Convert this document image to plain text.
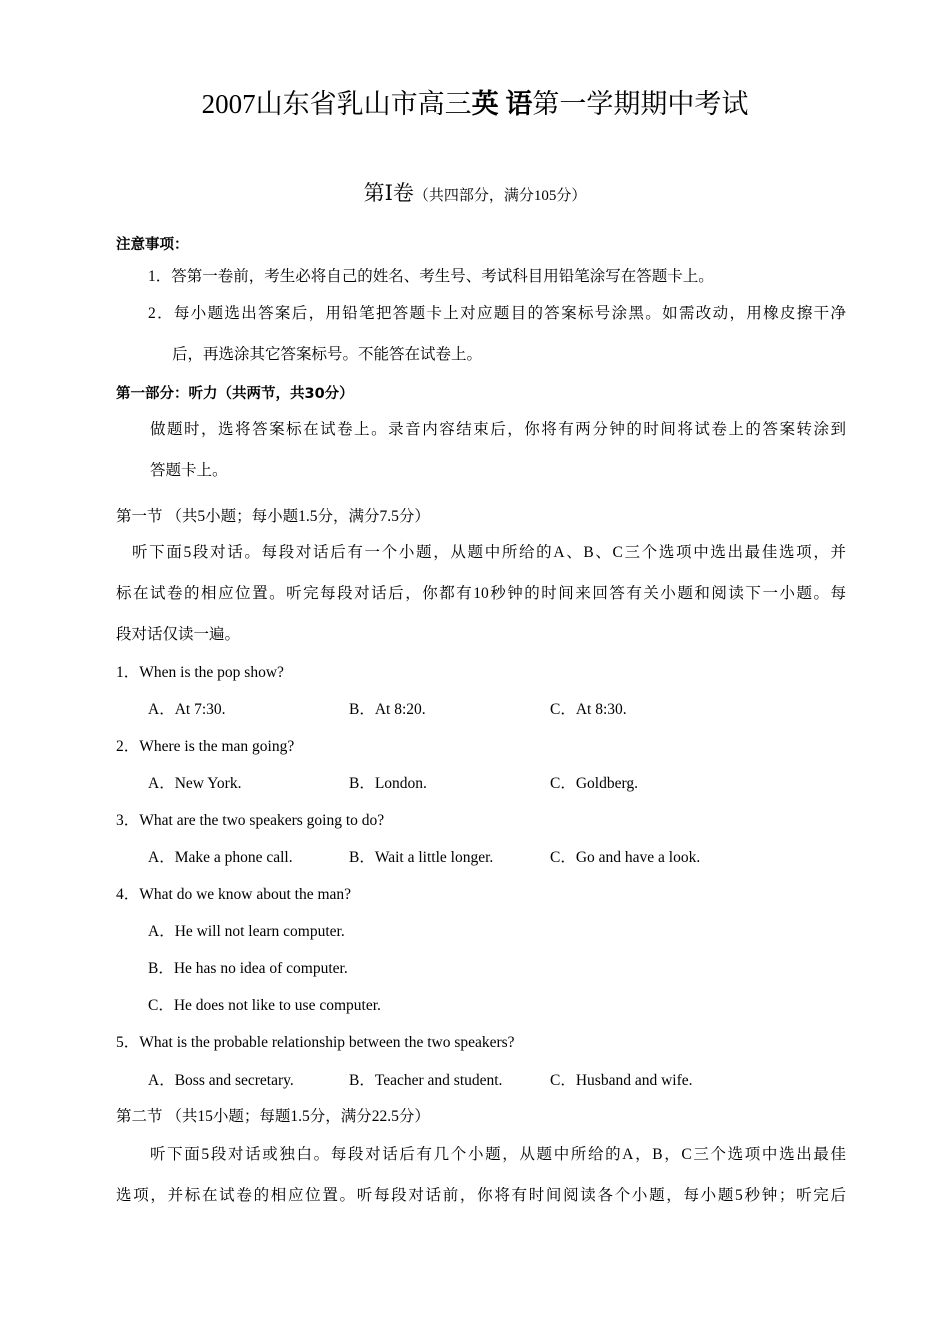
2007山东省乳山市高三英 语第一学期期中考试
第Ⅰ卷（共四部分，满分105分）
注意事项：
1．答第一卷前，考生必将自己的姓名、考生号、考试科目用铅笔涂写在答题卡上。
2．每小题选出答案后，用铅笔把答题卡上对应题目的答案标号涂黑。如需改动，用橡皮擦干净
后，再选涂其它答案标号。不能答在试卷上。
第一部分：听力（共两节，共30分）
做题时，选将答案标在试卷上。录音内容结束后，你将有两分钟的时间将试卷上的答案转涂到
答题卡上。
第一节 （共5小题；每小题1.5分，满分7.5分）
听下面5段对话。每段对话后有一个小题，从题中所给的A、B、C三个选项中选出最佳选项，并
标在试卷的相应位置。听完每段对话后，你都有10秒钟的时间来回答有关小题和阅读下一小题。每
段对话仅读一遍。
1．When is the pop show?
A．At 7:30.	B．At 8:20.	C．At 8:30.
2．Where is the man going?
A．New York.	B．London.	C．Goldberg.
3．What are the two speakers going to do?
A．Make a phone call.	B．Wait a little longer.	C．Go and have a look.
4．What do we know about the man?
A．He will not learn computer.
B．He has no idea of computer.
C．He does not like to use computer.
5．What is the probable relationship between the two speakers?
A．Boss and secretary.	B．Teacher and student.	C．Husband and wife.
第二节 （共15小题；每题1.5分，满分22.5分）
听下面5段对话或独白。每段对话后有几个小题，从题中所给的A，B，C三个选项中选出最佳
选项，并标在试卷的相应位置。听每段对话前，你将有时间阅读各个小题，每小题5秒钟；听完后
